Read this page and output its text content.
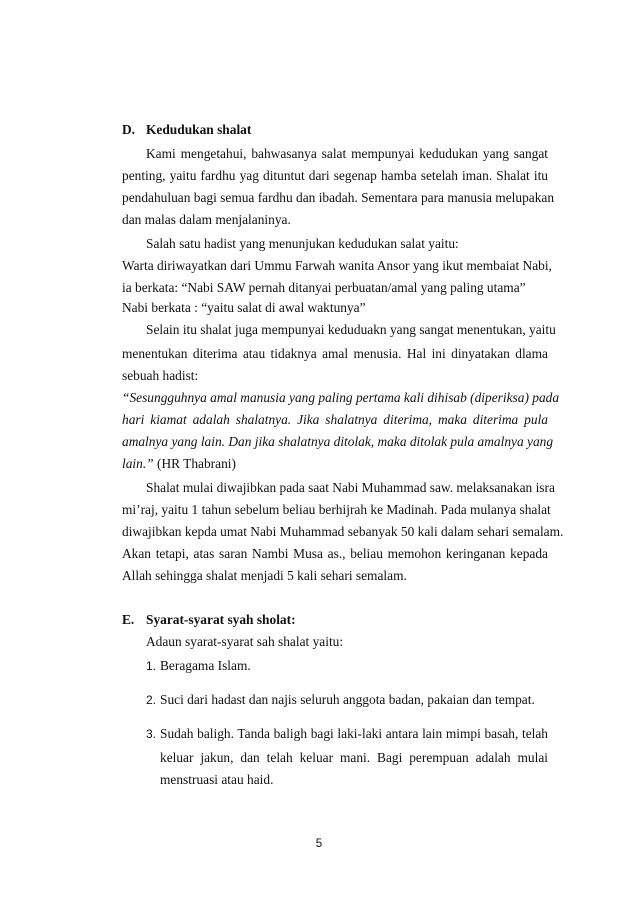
D. Kedudukan shalat
Kami mengetahui, bahwasanya salat mempunyai kedudukan yang sangat
penting, yaitu fardhu yag dituntut dari segenap hamba setelah iman. Shalat itu
pendahuluan bagi semua fardhu dan ibadah. Sementara para manusia melupakan
dan malas dalam menjalaninya.
Salah satu hadist yang menunjukan kedudukan salat yaitu:
Warta diriwayatkan dari Ummu Farwah wanita Ansor yang ikut membaiat Nabi,
ia berkata: “Nabi SAW pernah ditanyai perbuatan/amal yang paling utama”
Nabi berkata : “yaitu salat di awal waktunya”
Selain itu shalat juga mempunyai keduduakn yang sangat menentukan, yaitu
menentukan diterima atau tidaknya amal menusia. Hal ini dinyatakan dlama
sebuah hadist:
“Sesungguhnya amal manusia yang paling pertama kali dihisab (diperiksa) pada
hari kiamat adalah shalatnya. Jika shalatnya diterima, maka diterima pula
amalnya yang lain. Dan jika shalatnya ditolak, maka ditolak pula amalnya yang
lain.” (HR Thabrani)
Shalat mulai diwajibkan pada saat Nabi Muhammad saw. melaksanakan isra
mi’raj, yaitu 1 tahun sebelum beliau berhijrah ke Madinah. Pada mulanya shalat
diwajibkan kepda umat Nabi Muhammad sebanyak 50 kali dalam sehari semalam.
Akan tetapi, atas saran Nambi Musa as., beliau memohon keringanan kepada
Allah sehingga shalat menjadi 5 kali sehari semalam.
E. Syarat-syarat syah sholat:
Adaun syarat-syarat sah shalat yaitu:
1. Beragama Islam.
2. Suci dari hadast dan najis seluruh anggota badan, pakaian dan tempat.
3. Sudah baligh. Tanda baligh bagi laki-laki antara lain mimpi basah, telah
keluar jakun, dan telah keluar mani. Bagi perempuan adalah mulai
menstruasi atau haid.
5
